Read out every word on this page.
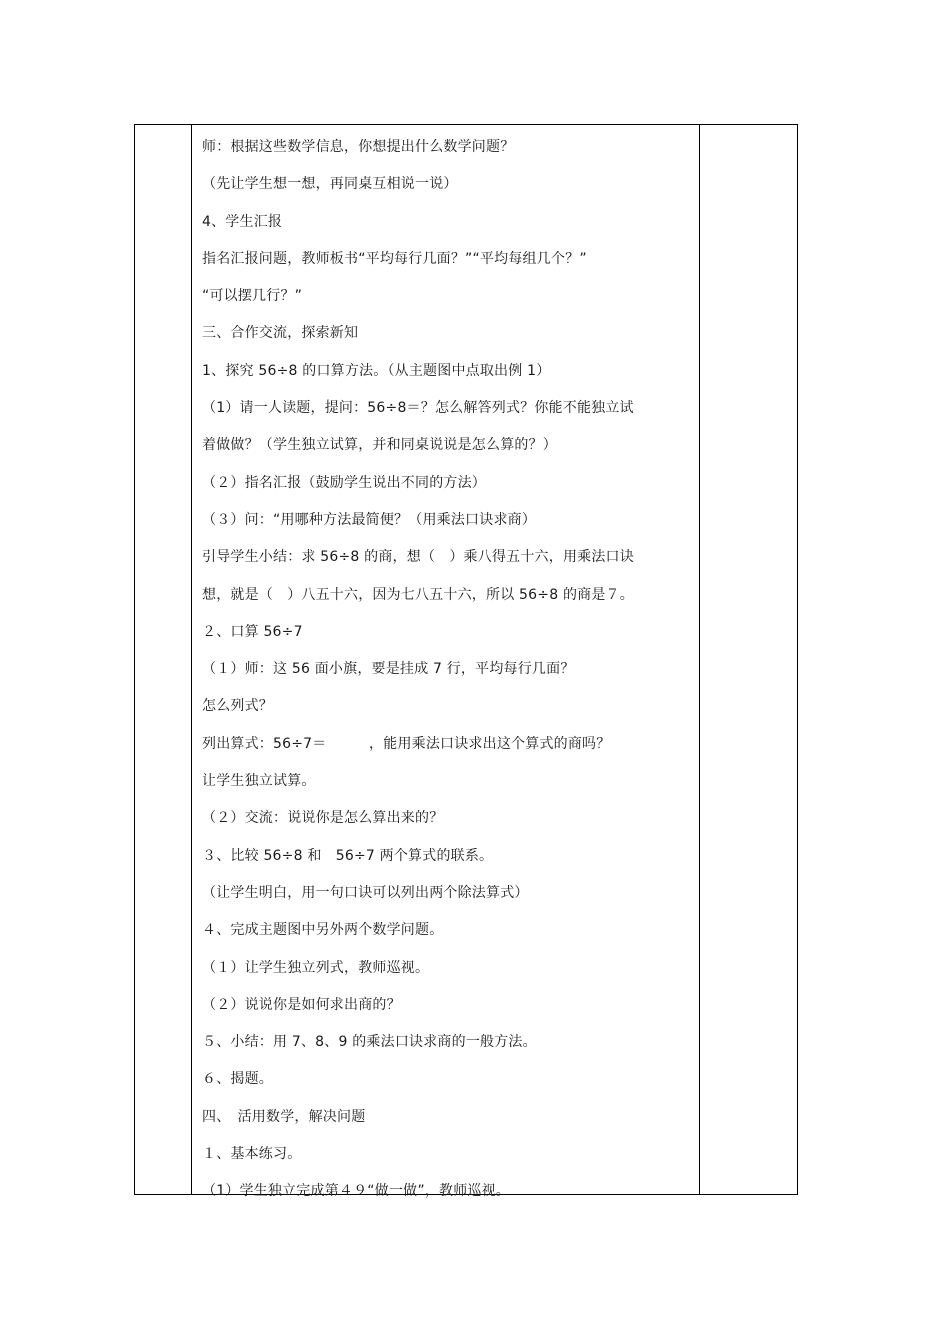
师：根据这些数学信息，你想提出什么数学问题？
（先让学生想一想，再同桌互相说一说）
4、学生汇报
指名汇报问题，教师板书“平均每行几面？”“平均每组几个？”
“可以摆几行？”
三、合作交流，探索新知
1、探究 56÷8 的口算方法。（从主题图中点取出例 1）
（1）请一人读题，提问：56÷8＝？怎么解答列式？你能不能独立试
着做做？（学生独立试算，并和同桌说说是怎么算的？）
（２）指名汇报（鼓励学生说出不同的方法）
（３）问：“用哪种方法最简便？（用乘法口诀求商）
引导学生小结：求 56÷8 的商，想（　）乘八得五十六，用乘法口诀
想，就是（　）八五十六，因为七八五十六，所以 56÷8 的商是７。
２、口算 56÷7
（１）师：这 56 面小旗，要是挂成 7 行，平均每行几面？
怎么列式？
列出算式：56÷7＝　　　，能用乘法口诀求出这个算式的商吗？
让学生独立试算。
（２）交流：说说你是怎么算出来的？
３、比较 56÷8 和　56÷7 两个算式的联系。
（让学生明白，用一句口诀可以列出两个除法算式）
４、完成主题图中另外两个数学问题。
（１）让学生独立列式，教师巡视。
（２）说说你是如何求出商的？
５、小结：用 7、8、9 的乘法口诀求商的一般方法。
６、揭题。
四、　活用数学，解决问题
１、基本练习。
（1）学生独立完成第４９“做一做”，教师巡视。
